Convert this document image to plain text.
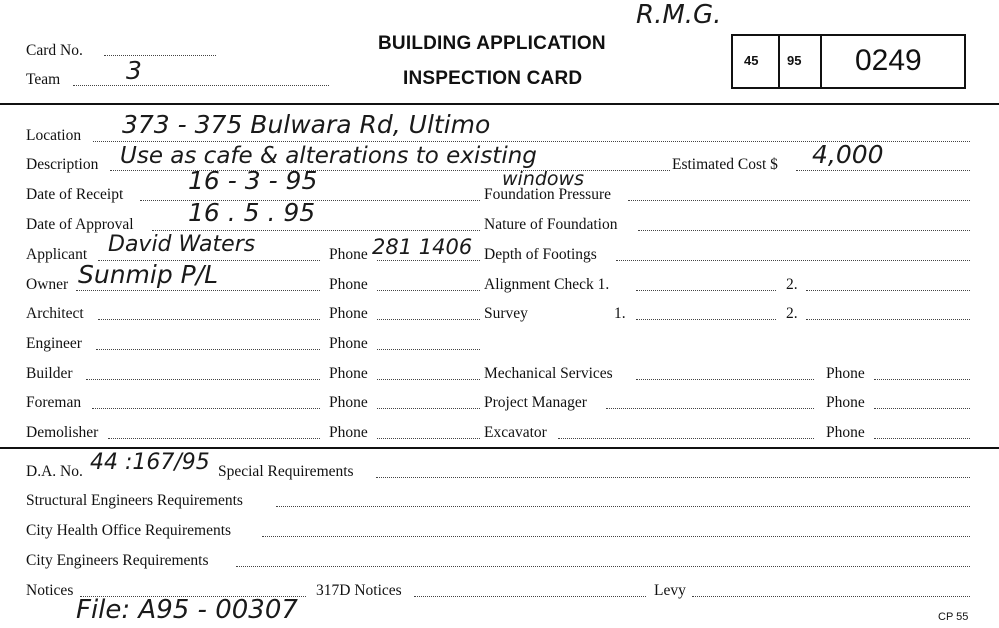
Card No.
Team	3
BUILDING APPLICATION
INSPECTION CARD
R.M.G.
45 95 0249
Location 373 - 375 Bulwara Rd, Ultimo
Description Use as cafe & alterations to existing
windows
Estimated Cost $ 4,000
Date of Receipt	16 - 3 - 95	Foundation Pressure
Date of Approval 16 . 5 . 95	Nature of Foundation
Applicant David Waters	Phone 281 1406 Depth of Footings
Owner Sunmip P/L	Phone	Alignment Check 1.	2.
Architect	Phone	Survey	1.	2.
Engineer	Phone
Builder	Phone	Mechanical Services	Phone
Foreman	Phone	Project Manager	Phone
Demolisher	Phone	Excavator	Phone
D.A. No. 44 :167/95 Special Requirements
Structural Engineers Requirements
City Health Office Requirements
City Engineers Requirements
Notices	317D Notices	Levy
File: A95 - 00307	CP 55
